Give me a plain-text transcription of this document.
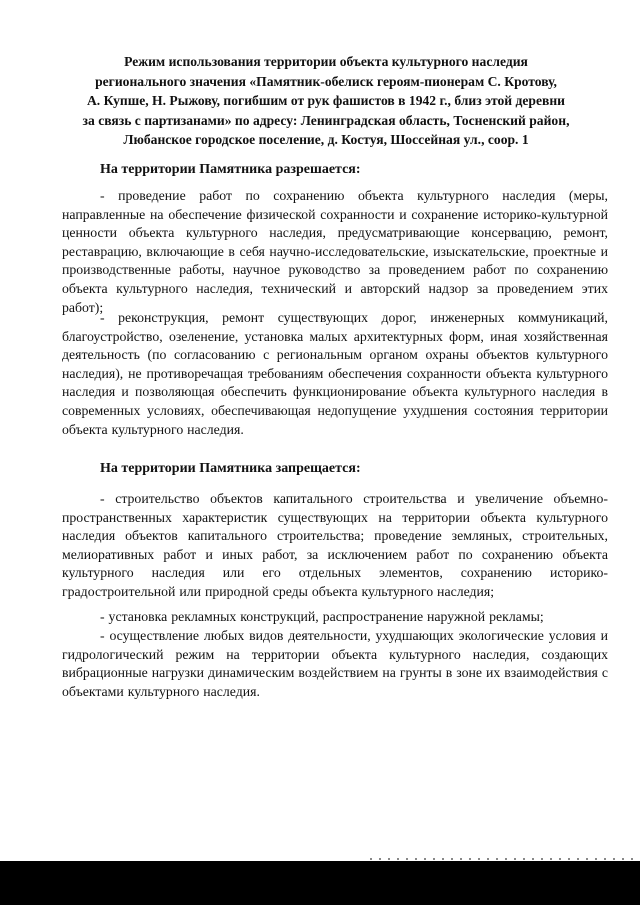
Режим использования территории объекта культурного наследия
регионального значения «Памятник-обелиск героям-пионерам С. Кротову,
А. Купше, Н. Рыжову, погибшим от рук фашистов в 1942 г., близ этой деревни
за связь с партизанами» по адресу: Ленинградская область, Тосненский район,
Любанское городское поселение, д. Костуя, Шоссейная ул., соор. 1
На территории Памятника разрешается:
- проведение работ по сохранению объекта культурного наследия (меры, направленные на обеспечение физической сохранности и сохранение историко-культурной ценности объекта культурного наследия, предусматривающие консервацию, ремонт, реставрацию, включающие в себя научно-исследовательские, изыскательские, проектные и производственные работы, научное руководство за проведением работ по сохранению объекта культурного наследия, технический и авторский надзор за проведением этих работ);
- реконструкция, ремонт существующих дорог, инженерных коммуникаций, благоустройство, озеленение, установка малых архитектурных форм, иная хозяйственная деятельность (по согласованию с региональным органом охраны объектов культурного наследия), не противоречащая требованиям обеспечения сохранности объекта культурного наследия и позволяющая обеспечить функционирование объекта культурного наследия в современных условиях, обеспечивающая недопущение ухудшения состояния территории объекта культурного наследия.
На территории Памятника запрещается:
- строительство объектов капитального строительства и увеличение объемно-пространственных характеристик существующих на территории объекта культурного наследия объектов капитального строительства; проведение земляных, строительных, мелиоративных работ и иных работ, за исключением работ по сохранению объекта культурного наследия или его отдельных элементов, сохранению историко-градостроительной или природной среды объекта культурного наследия;
- установка рекламных конструкций, распространение наружной рекламы;
- осуществление любых видов деятельности, ухудшающих экологические условия и гидрологический режим на территории объекта культурного наследия, создающих вибрационные нагрузки динамическим воздействием на грунты в зоне их взаимодействия с объектами культурного наследия.
